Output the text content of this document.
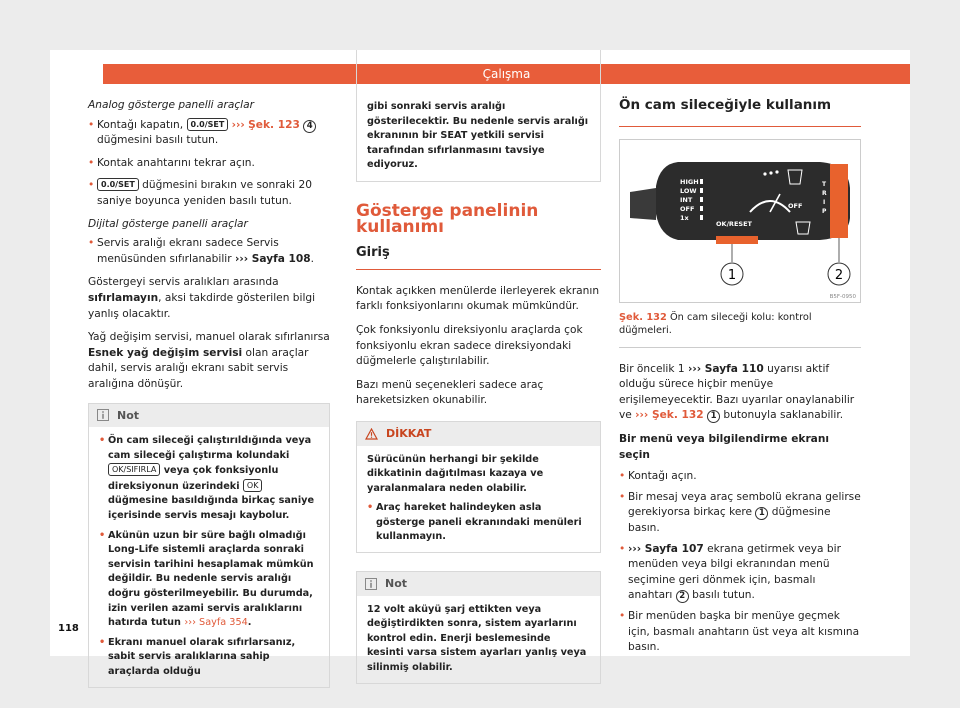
Çalışma

Analog gösterge panelli araçlar

• Kontağı kapatın, 0.0/SET ››› Şek. 123 4 düğmesini basılı tutun.

• Kontak anahtarını tekrar açın.

• 0.0/SET düğmesini bırakın ve sonraki 20 saniye boyunca yeniden basılı tutun.

Dijital gösterge panelli araçlar

• Servis aralığı ekranı sadece Servis menüsünden sıfırlanabilir ››› Sayfa 108.

Göstergeyi servis aralıkları arasında sıfırlamayın, aksi takdirde gösterilen bilgi yanlış olacaktır.

Yağ değişim servisi, manuel olarak sıfırlanırsa Esnek yağ değişim servisi olan araçlar dahil, servis aralığı ekranı sabit servis aralığına dönüşür.

Not

• Ön cam sileceği çalıştırıldığında veya cam sileceği çalıştırma kolundaki OK/SIFIRLA veya çok fonksiyonlu direksiyonun üzerindeki OK düğmesine basıldığında birkaç saniye içerisinde servis mesajı kaybolur.

• Akünün uzun bir süre bağlı olmadığı Long-Life sistemli araçlarda sonraki servisin tarihini hesaplamak mümkün değildir. Bu nedenle servis aralığı doğru gösterilmeyebilir. Bu durumda, izin verilen azami servis aralıklarını hatırda tutun ››› Sayfa 354.

• Ekranı manuel olarak sıfırlarsanız, sabit servis aralıklarına sahip araçlarda olduğu

gibi sonraki servis aralığı gösterilecektir. Bu nedenle servis aralığı ekranının bir SEAT yetkili servisi tarafından sıfırlanmasını tavsiye ediyoruz.

Gösterge panelinin kullanımı
Giriş

Kontak açıkken menülerde ilerleyerek ekranın farklı fonksiyonlarını okumak mümkündür.

Çok fonksiyonlu direksiyonlu araçlarda çok fonksiyonlu ekran sadece direksiyondaki düğmelerle çalıştırılabilir.

Bazı menü seçenekleri sadece araç hareketsizken okunabilir.

DİKKAT

Sürücünün herhangi bir şekilde dikkatinin dağıtılması kazaya ve yaralanmalara neden olabilir.

• Araç hareket halindeyken asla gösterge paneli ekranındaki menüleri kullanmayın.

Not

12 volt aküyü şarj ettikten veya değiştirdikten sonra, sistem ayarlarını kontrol edin. Enerji beslemesinde kesinti varsa sistem ayarları yanlış veya silinmiş olabilir.

Ön cam sileceğiyle kullanım
HIGH
LOW
INT
OFF
1x
OK/RESET
OFF
T
R
I
P
1	2
B5F-0950

Şek. 132 Ön cam sileceği kolu: kontrol düğmeleri.

Bir öncelik 1 ››› Sayfa 110 uyarısı aktif olduğu sürece hiçbir menüye erişilemeyecektir. Bazı uyarılar onaylanabilir ve ››› Şek. 132 1 butonuyla saklanabilir.

Bir menü veya bilgilendirme ekranı seçin

• Kontağı açın.

• Bir mesaj veya araç sembolü ekrana gelirse gerekiyorsa birkaç kere 1 düğmesine basın.

• ››› Sayfa 107 ekrana getirmek veya bir menüden veya bilgi ekranından menü seçimine geri dönmek için, basmalı anahtarı 2 basılı tutun.

• Bir menüden başka bir menüye geçmek için, basmalı anahtarın üst veya alt kısmına basın.

118
